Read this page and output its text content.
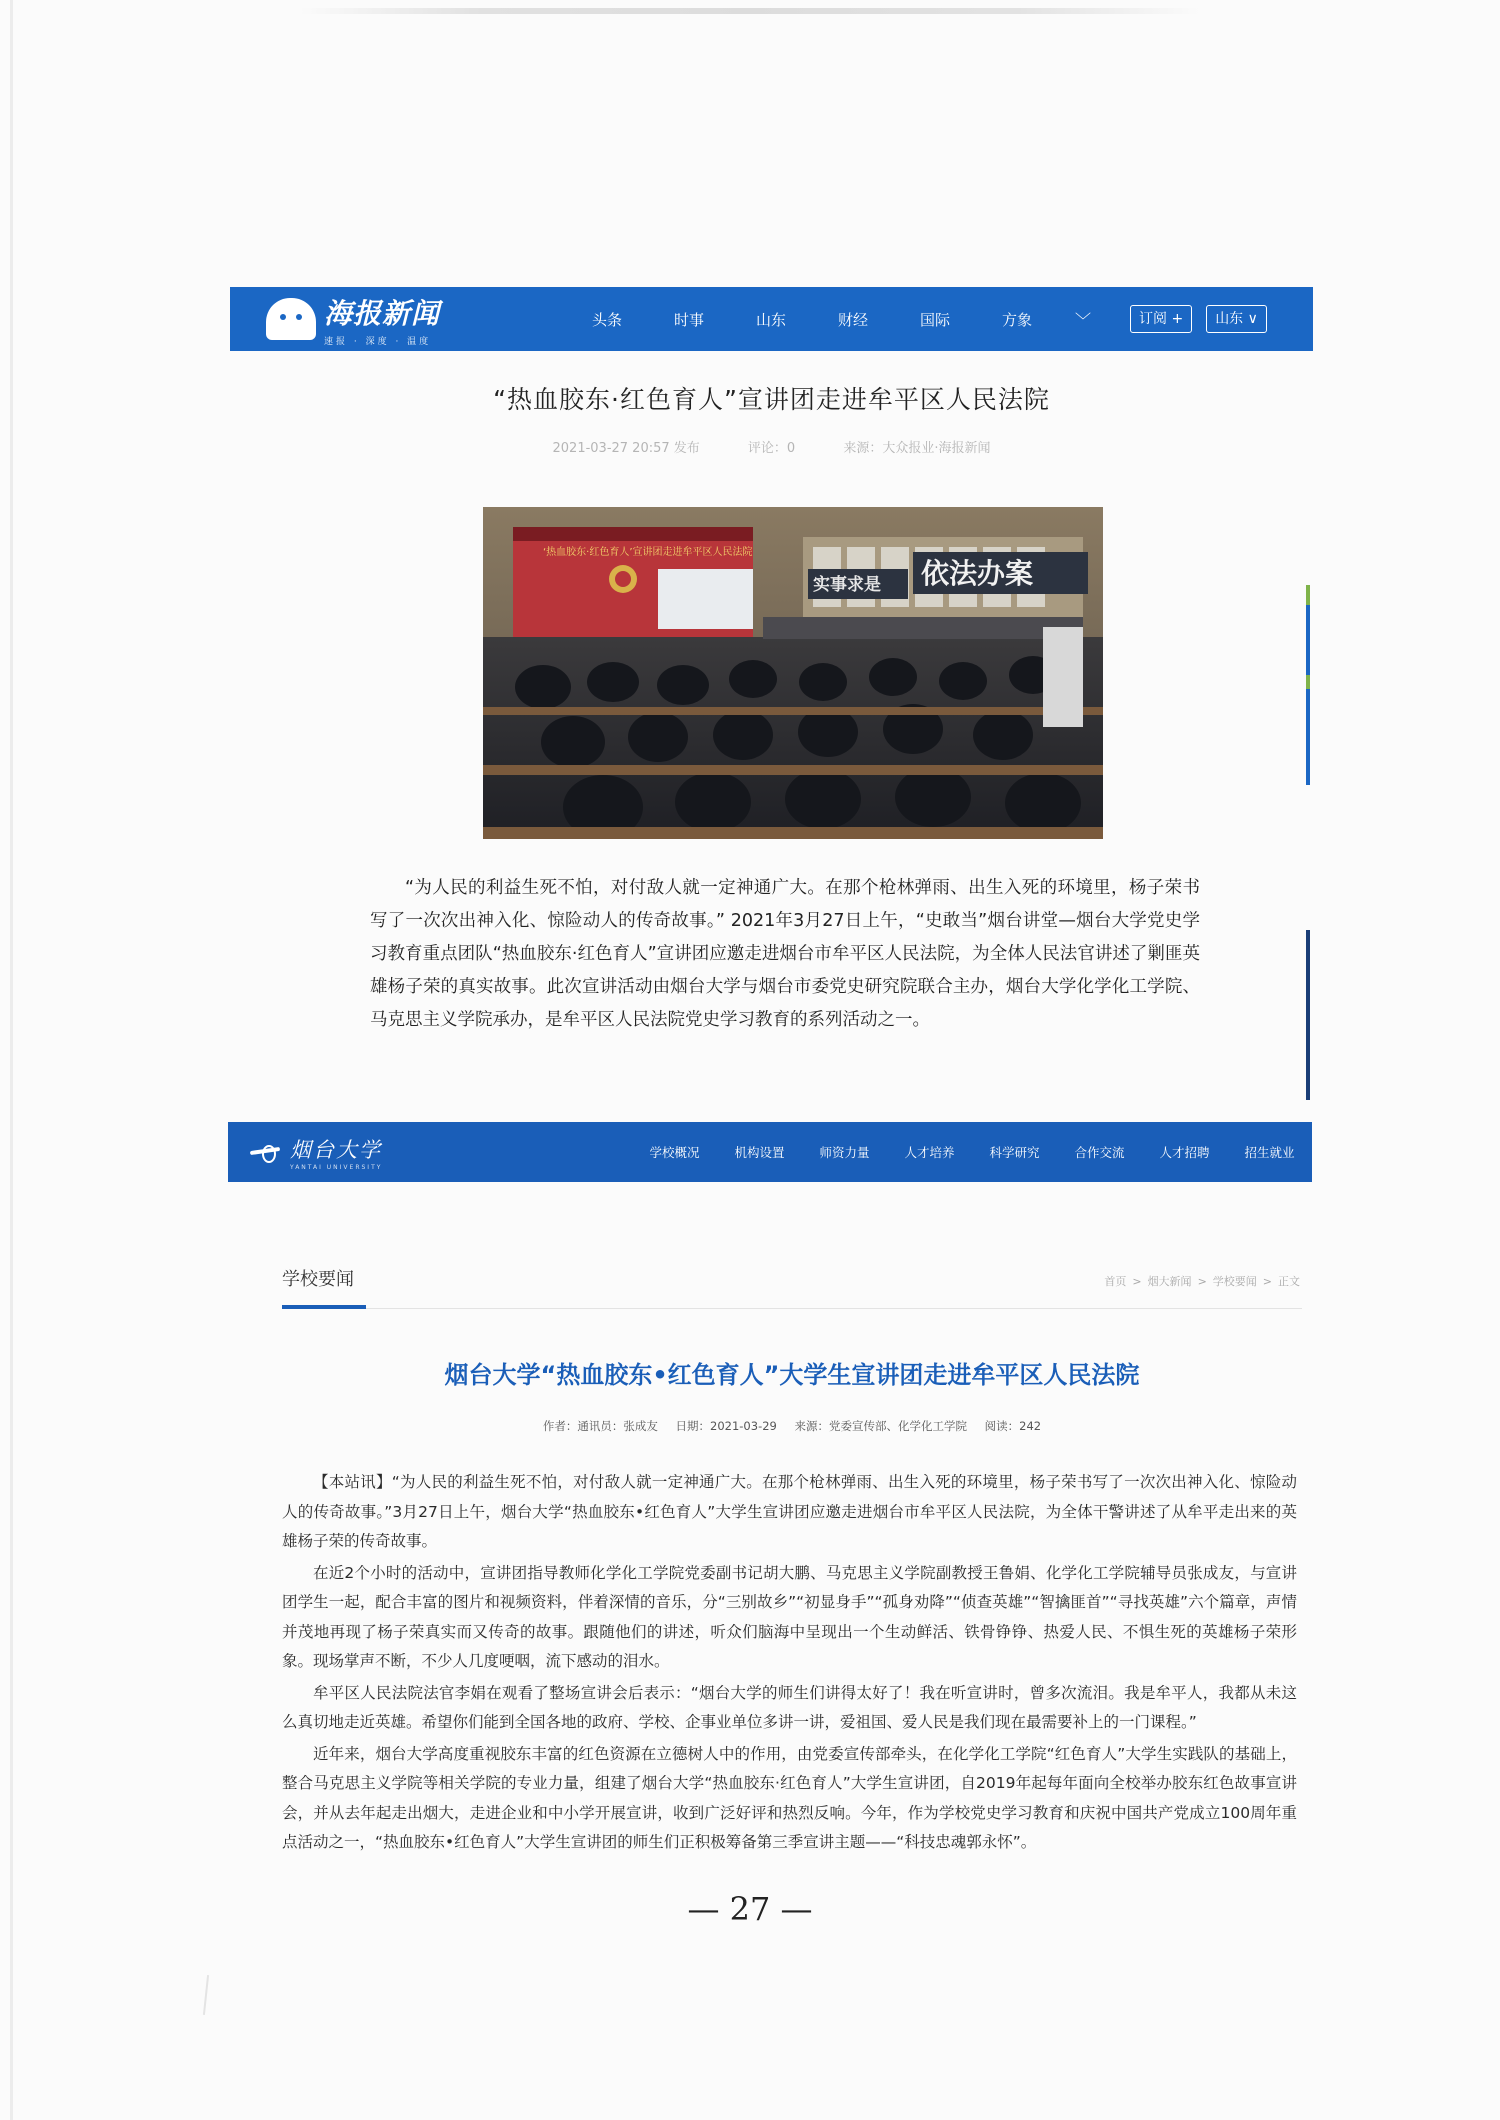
海报新闻
速报 · 深度 · 温度
头条	时事	山东	财经	国际	方象	﹀	订阅 +	山东 ∨
“热血胶东·红色育人”宣讲团走进牟平区人民法院
2021-03-27 20:57 发布	评论：0	来源：大众报业·海报新闻
‘热血胶东·红色育人’宣讲团走进牟平区人民法院
实事求是 依法办案
“为人民的利益生死不怕，对付敌人就一定神通广大。在那个枪林弹雨、出生入死的环境里，杨子荣书写了一次次出神入化、惊险动人的传奇故事。” 2021年3月27日上午，“史敢当”烟台讲堂—烟台大学党史学习教育重点团队“热血胶东·红色育人”宣讲团应邀走进烟台市牟平区人民法院，为全体人民法官讲述了剿匪英雄杨子荣的真实故事。此次宣讲活动由烟台大学与烟台市委党史研究院联合主办，烟台大学化学化工学院、马克思主义学院承办，是牟平区人民法院党史学习教育的系列活动之一。
烟台大学
YANTAI UNIVERSITY
学校概况	机构设置	师资力量	人才培养	科学研究	合作交流	人才招聘	招生就业
学校要闻	首页 > 烟大新闻 > 学校要闻 > 正文
烟台大学“热血胶东•红色育人”大学生宣讲团走进牟平区人民法院
作者：通讯员：张成友 日期：2021-03-29 来源：党委宣传部、化学化工学院 阅读：242

【本站讯】“为人民的利益生死不怕，对付敌人就一定神通广大。在那个枪林弹雨、出生入死的环境里，杨子荣书写了一次次出神入化、惊险动人的传奇故事。”3月27日上午，烟台大学“热血胶东•红色育人”大学生宣讲团应邀走进烟台市牟平区人民法院，为全体干警讲述了从牟平走出来的英雄杨子荣的传奇故事。

在近2个小时的活动中，宣讲团指导教师化学化工学院党委副书记胡大鹏、马克思主义学院副教授王鲁娟、化学化工学院辅导员张成友，与宣讲团学生一起，配合丰富的图片和视频资料，伴着深情的音乐，分“三别故乡”“初显身手”“孤身劝降”“侦查英雄”“智擒匪首”“寻找英雄”六个篇章，声情并茂地再现了杨子荣真实而又传奇的故事。跟随他们的讲述，听众们脑海中呈现出一个生动鲜活、铁骨铮铮、热爱人民、不惧生死的英雄杨子荣形象。现场掌声不断，不少人几度哽咽，流下感动的泪水。

牟平区人民法院法官李娟在观看了整场宣讲会后表示：“烟台大学的师生们讲得太好了！我在听宣讲时，曾多次流泪。我是牟平人，我都从未这么真切地走近英雄。希望你们能到全国各地的政府、学校、企事业单位多讲一讲，爱祖国、爱人民是我们现在最需要补上的一门课程。”

近年来，烟台大学高度重视胶东丰富的红色资源在立德树人中的作用，由党委宣传部牵头，在化学化工学院“红色育人”大学生实践队的基础上，整合马克思主义学院等相关学院的专业力量，组建了烟台大学“热血胶东·红色育人”大学生宣讲团，自2019年起每年面向全校举办胶东红色故事宣讲会，并从去年起走出烟大，走进企业和中小学开展宣讲，收到广泛好评和热烈反响。今年，作为学校党史学习教育和庆祝中国共产党成立100周年重点活动之一，“热血胶东•红色育人”大学生宣讲团的师生们正积极筹备第三季宣讲主题——“科技忠魂郭永怀”。

— 27 —
